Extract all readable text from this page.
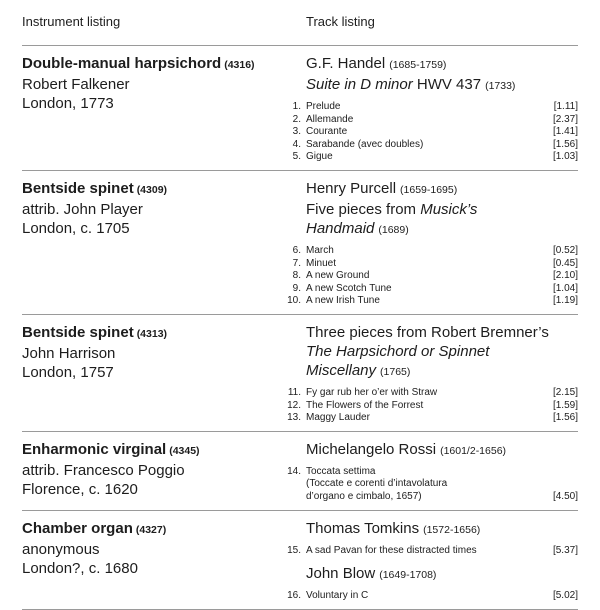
Instrument listing	Track listing
Double-manual harpsichord (4316)
Robert Falkener
London, 1773
G.F. Handel (1685-1759)
Suite in D minor HWV 437 (1733)
1. Prelude	[1.11]
2. Allemande	[2.37]
3. Courante	[1.41]
4. Sarabande (avec doubles)	[1.56]
5. Gigue	[1.03]
Bentside spinet (4309)
attrib. John Player
London, c. 1705
Henry Purcell (1659-1695)
Five pieces from Musick’s Handmaid (1689)
6. March	[0.52]
7. Minuet	[0.45]
8. A new Ground	[2.10]
9. A new Scotch Tune	[1.04]
10. A new Irish Tune	[1.19]
Bentside spinet (4313)
John Harrison
London, 1757
Three pieces from Robert Bremner’s
The Harpsichord or Spinnet Miscellany (1765)
11. Fy gar rub her o’er with Straw	[2.15]
12. The Flowers of the Forrest	[1.59]
13. Maggy Lauder	[1.56]
Enharmonic virginal (4345)
attrib. Francesco Poggio
Florence, c. 1620
Michelangelo Rossi (1601/2-1656)
14. Toccata settima
(Toccate e corenti d’intavolatura
d’organo e cimbalo, 1657)	[4.50]
Chamber organ (4327)
anonymous
London?, c. 1680
Thomas Tomkins (1572-1656)
15. A sad Pavan for these distracted times	[5.37]
John Blow (1649-1708)
16. Voluntary in C	[5.02]
